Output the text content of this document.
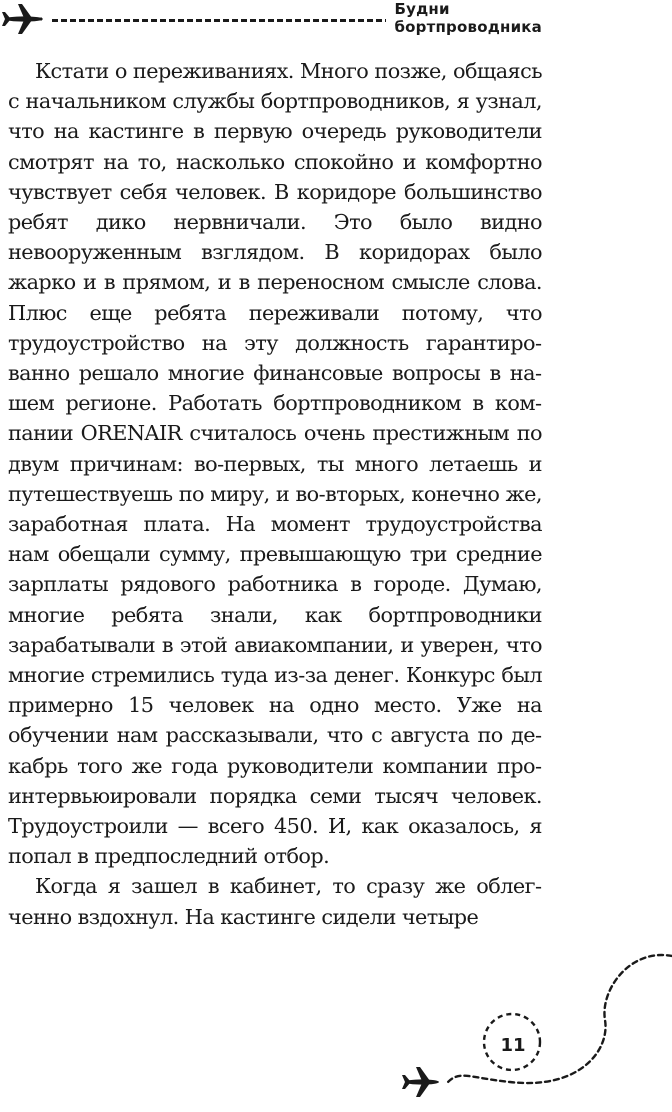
Будни бортпроводника

Кстати о переживаниях. Много позже, общаясь с начальником службы бортпроводников, я узнал, что на кастинге в первую очередь руководители смотрят на то, насколько спокойно и комфортно чувствует себя человек. В коридоре большинство ребят дико нервничали. Это было видно невооруженным взглядом. В коридорах было жарко и в прямом, и в переносном смысле слова. Плюс еще ребята переживали потому, что трудоустройство на эту должность гарантированно решало многие финансовые вопросы в нашем регионе. Работать бортпроводником в компании ORENAIR считалось очень престижным по двум причинам: во-первых, ты много летаешь и путешествуешь по миру, и во-вторых, конечно же, заработная плата. На момент трудоустройства нам обещали сумму, превышающую три средние зарплаты рядового работника в городе. Думаю, многие ребята знали, как бортпроводники зарабатывали в этой авиакомпании, и уверен, что многие стремились туда из-за денег. Конкурс был примерно 15 человек на одно место. Уже на обучении нам рассказывали, что с августа по декабрь того же года руководители компании проинтервьюировали порядка семи тысяч человек. Трудоустроили — всего 450. И, как оказалось, я попал в предпоследний отбор.

Когда я зашел в кабинет, то сразу же облегченно вздохнул. На кастинге сидели четыре

11
